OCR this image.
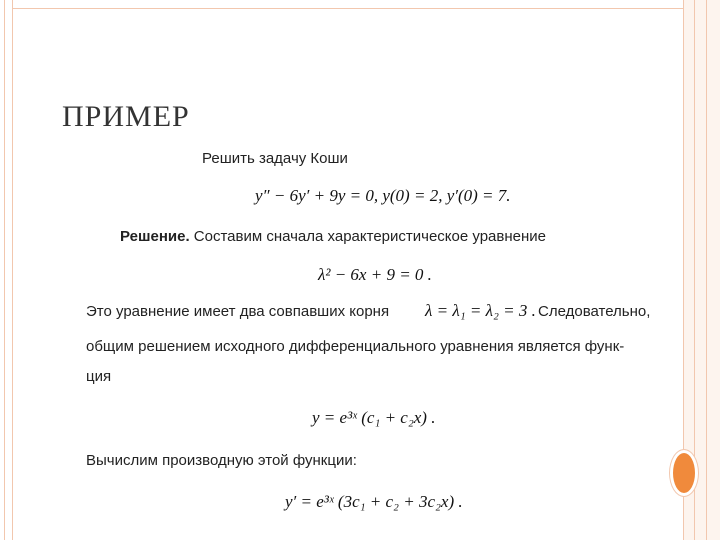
ПРИМЕР
Решить задачу Коши
y″ − 6y′ + 9y = 0, y(0) = 2, y′(0) = 7.
Решение. Составим сначала характеристическое уравнение
λ² − 6x + 9 = 0 .
Это уравнение имеет два совпавших корня λ = λ₁ = λ₂ = 3 . Следовательно,
общим решением исходного дифференциального уравнения является функ-
ция
y = e³ˣ (c₁ + c₂x) .
Вычислим производную этой функции:
y′ = e³ˣ (3c₁ + c₂ + 3c₂x) .
